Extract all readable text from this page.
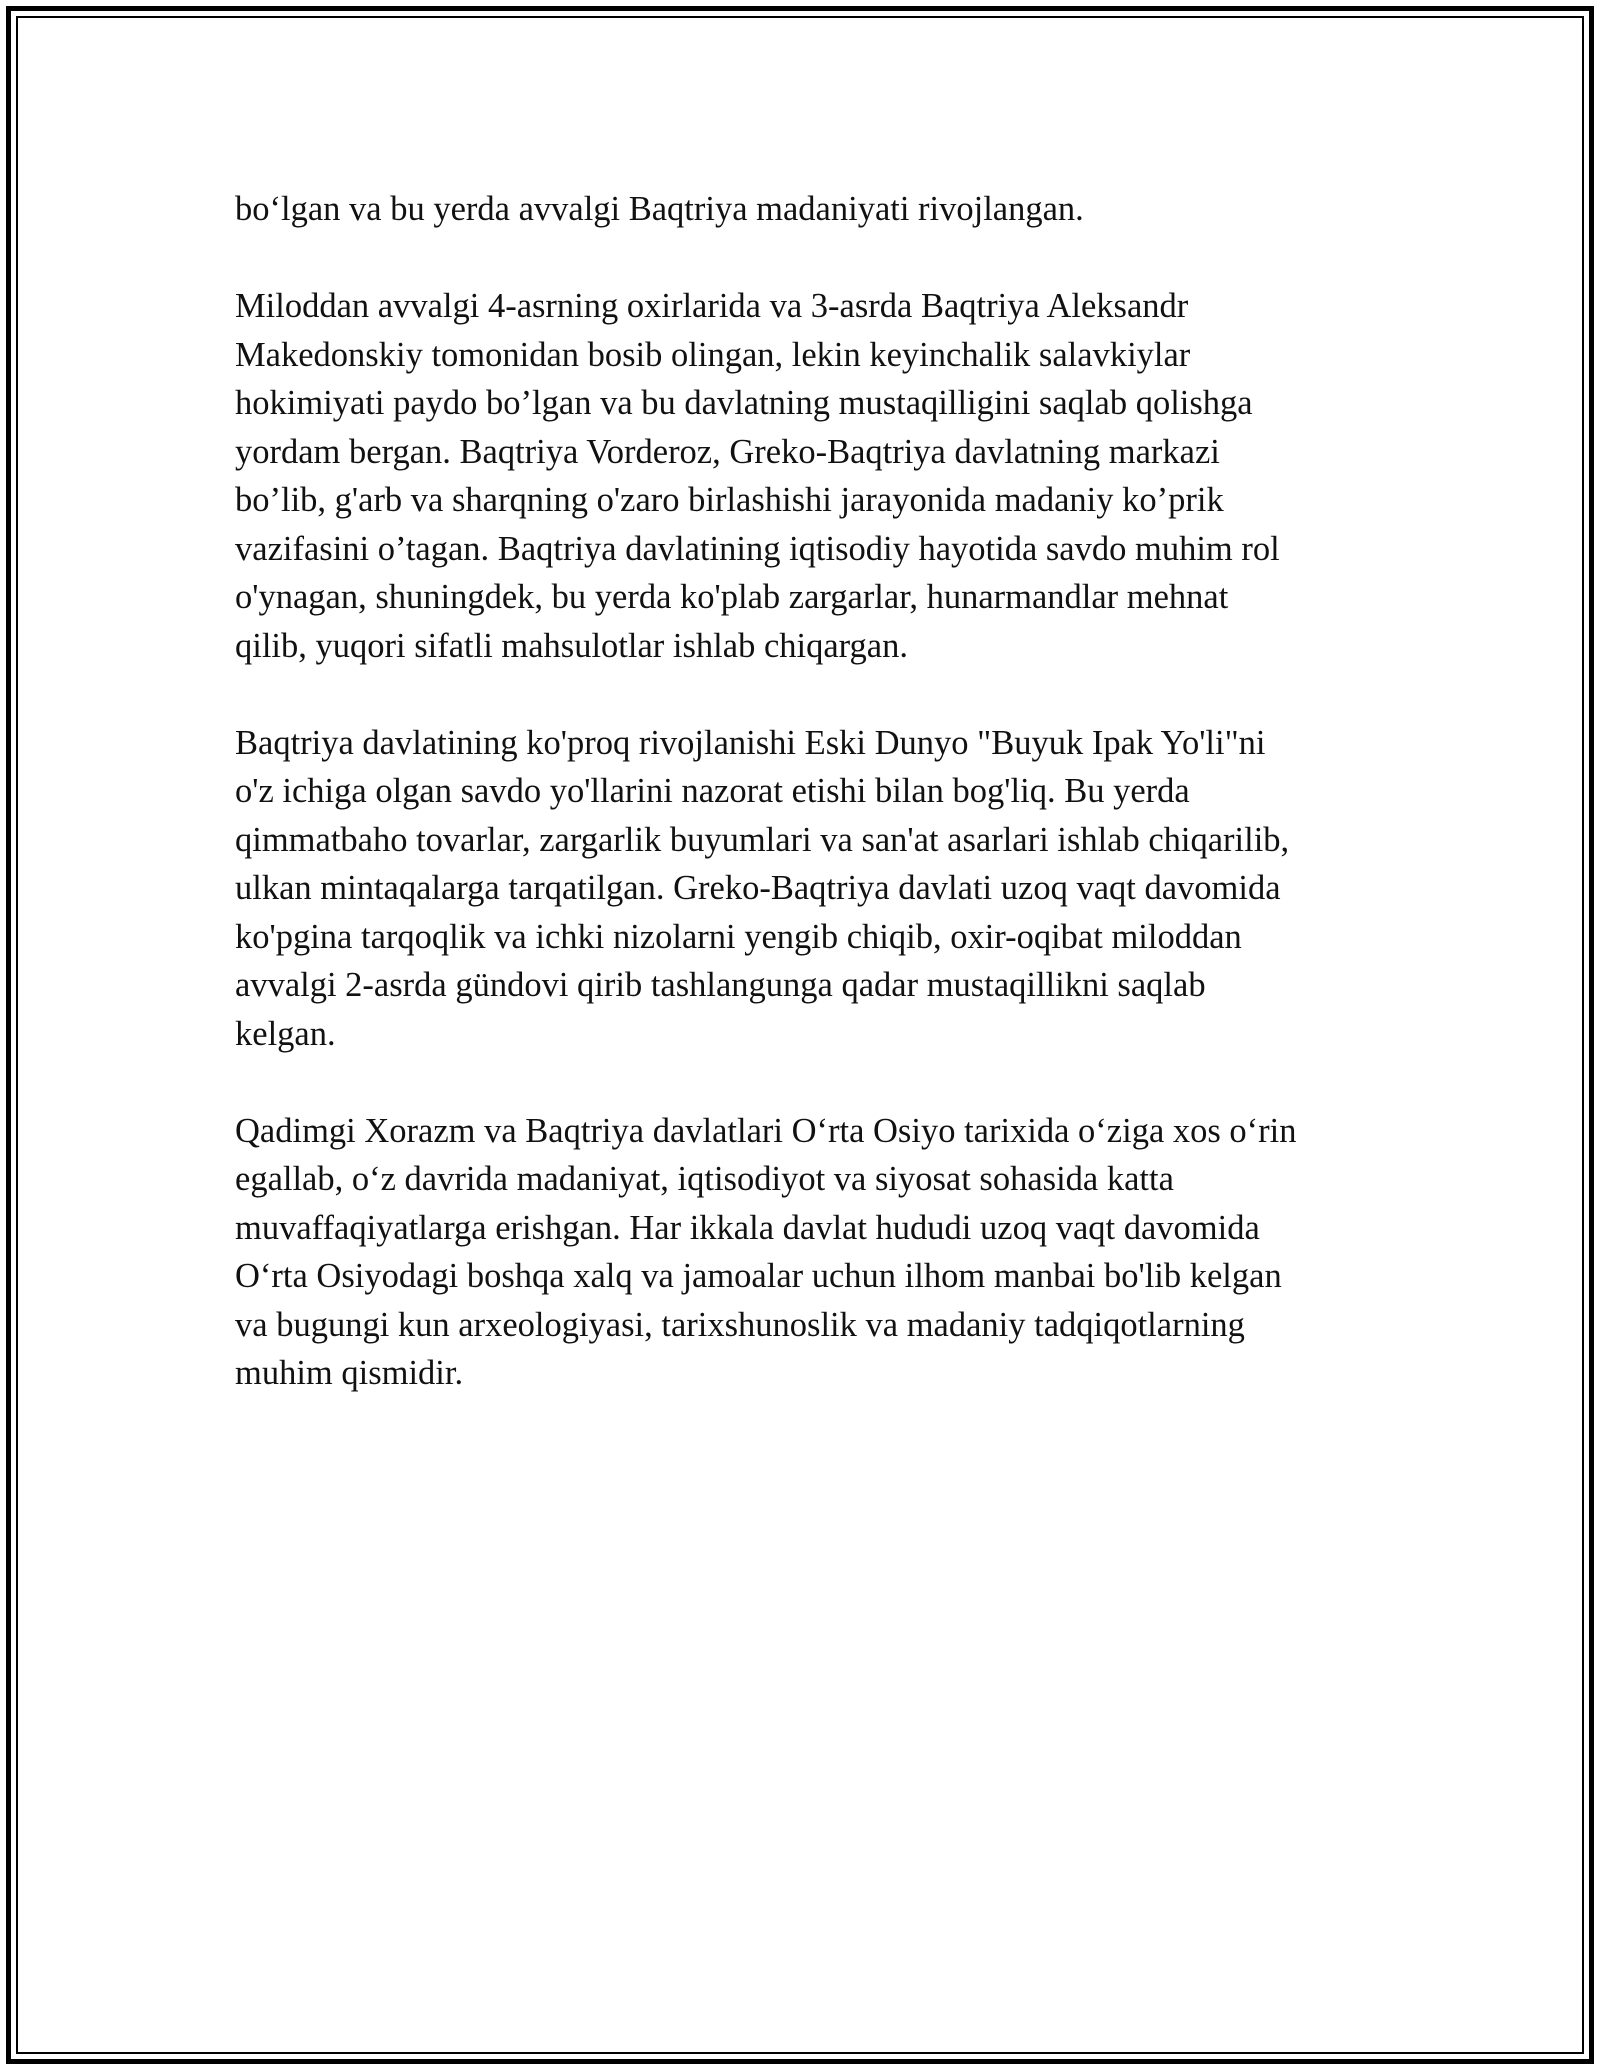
bo‘lgan va bu yerda avvalgi Baqtriya madaniyati rivojlangan.

Miloddan avvalgi 4-asrning oxirlarida va 3-asrda Baqtriya Aleksandr
Makedonskiy tomonidan bosib olingan, lekin keyinchalik salavkiylar
hokimiyati paydo bo’lgan va bu davlatning mustaqilligini saqlab qolishga
yordam bergan. Baqtriya Vorderoz, Greko-Baqtriya davlatning markazi
bo’lib, g'arb va sharqning o'zaro birlashishi jarayonida madaniy ko’prik
vazifasini o’tagan. Baqtriya davlatining iqtisodiy hayotida savdo muhim rol
o'ynagan, shuningdek, bu yerda ko'plab zargarlar, hunarmandlar mehnat
qilib, yuqori sifatli mahsulotlar ishlab chiqargan.

Baqtriya davlatining ko'proq rivojlanishi Eski Dunyo "Buyuk Ipak Yo'li"ni
o'z ichiga olgan savdo yo'llarini nazorat etishi bilan bog'liq. Bu yerda
qimmatbaho tovarlar, zargarlik buyumlari va san'at asarlari ishlab chiqarilib,
ulkan mintaqalarga tarqatilgan. Greko-Baqtriya davlati uzoq vaqt davomida
ko'pgina tarqoqlik va ichki nizolarni yengib chiqib, oxir-oqibat miloddan
avvalgi 2-asrda gündovi qirib tashlangunga qadar mustaqillikni saqlab
kelgan.

Qadimgi Xorazm va Baqtriya davlatlari O‘rta Osiyo tarixida o‘ziga xos o‘rin
egallab, o‘z davrida madaniyat, iqtisodiyot va siyosat sohasida katta
muvaffaqiyatlarga erishgan. Har ikkala davlat hududi uzoq vaqt davomida
O‘rta Osiyodagi boshqa xalq va jamoalar uchun ilhom manbai bo'lib kelgan
va bugungi kun arxeologiyasi, tarixshunoslik va madaniy tadqiqotlarning
muhim qismidir.
